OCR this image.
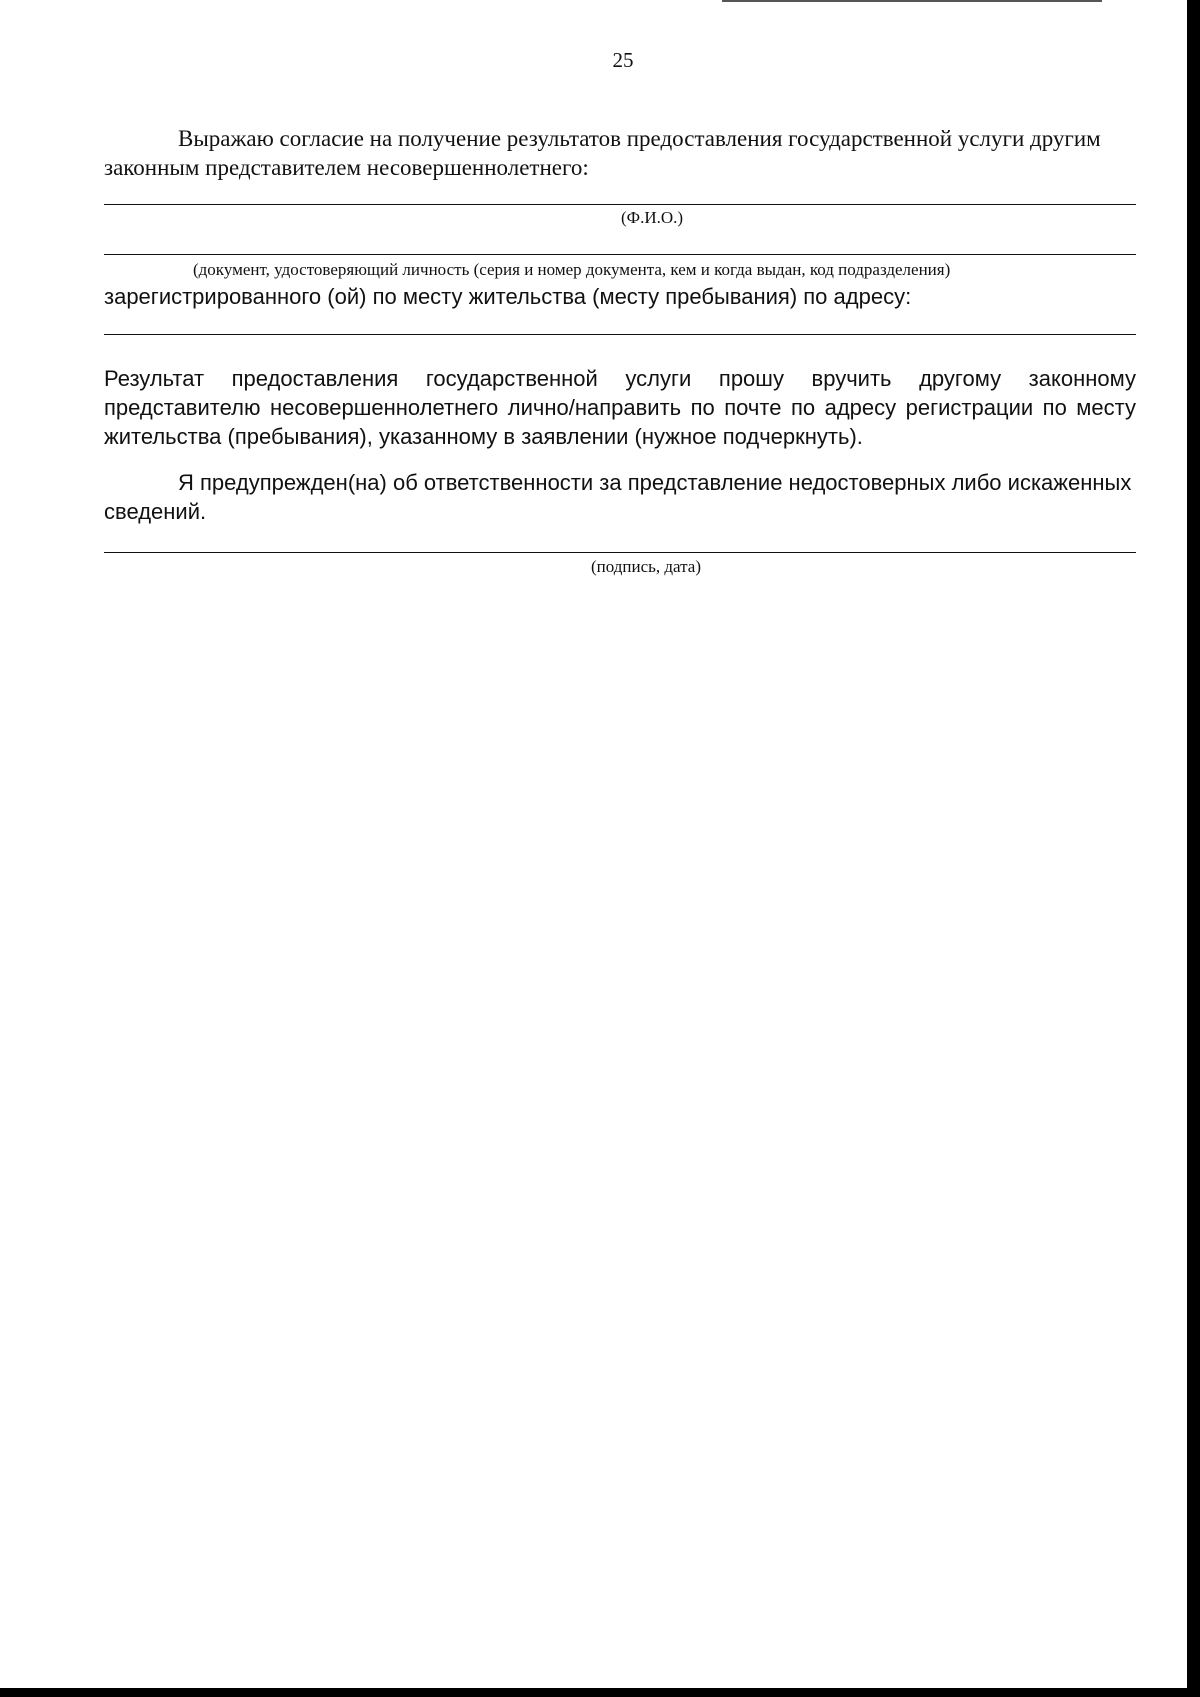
25
Выражаю согласие на получение результатов предоставления государственной услуги другим законным представителем несовершеннолетнего:
(Ф.И.О.)
(документ, удостоверяющий личность (серия и номер документа, кем и когда выдан, код подразделения)
зарегистрированного (ой) по месту жительства (месту пребывания) по адресу:
Результат предоставления государственной услуги прошу вручить другому законному представителю несовершеннолетнего лично/направить по почте по адресу регистрации по месту жительства (пребывания), указанному в заявлении (нужное подчеркнуть).
Я предупрежден(на) об ответственности за представление недостоверных либо искаженных сведений.
(подпись, дата)
